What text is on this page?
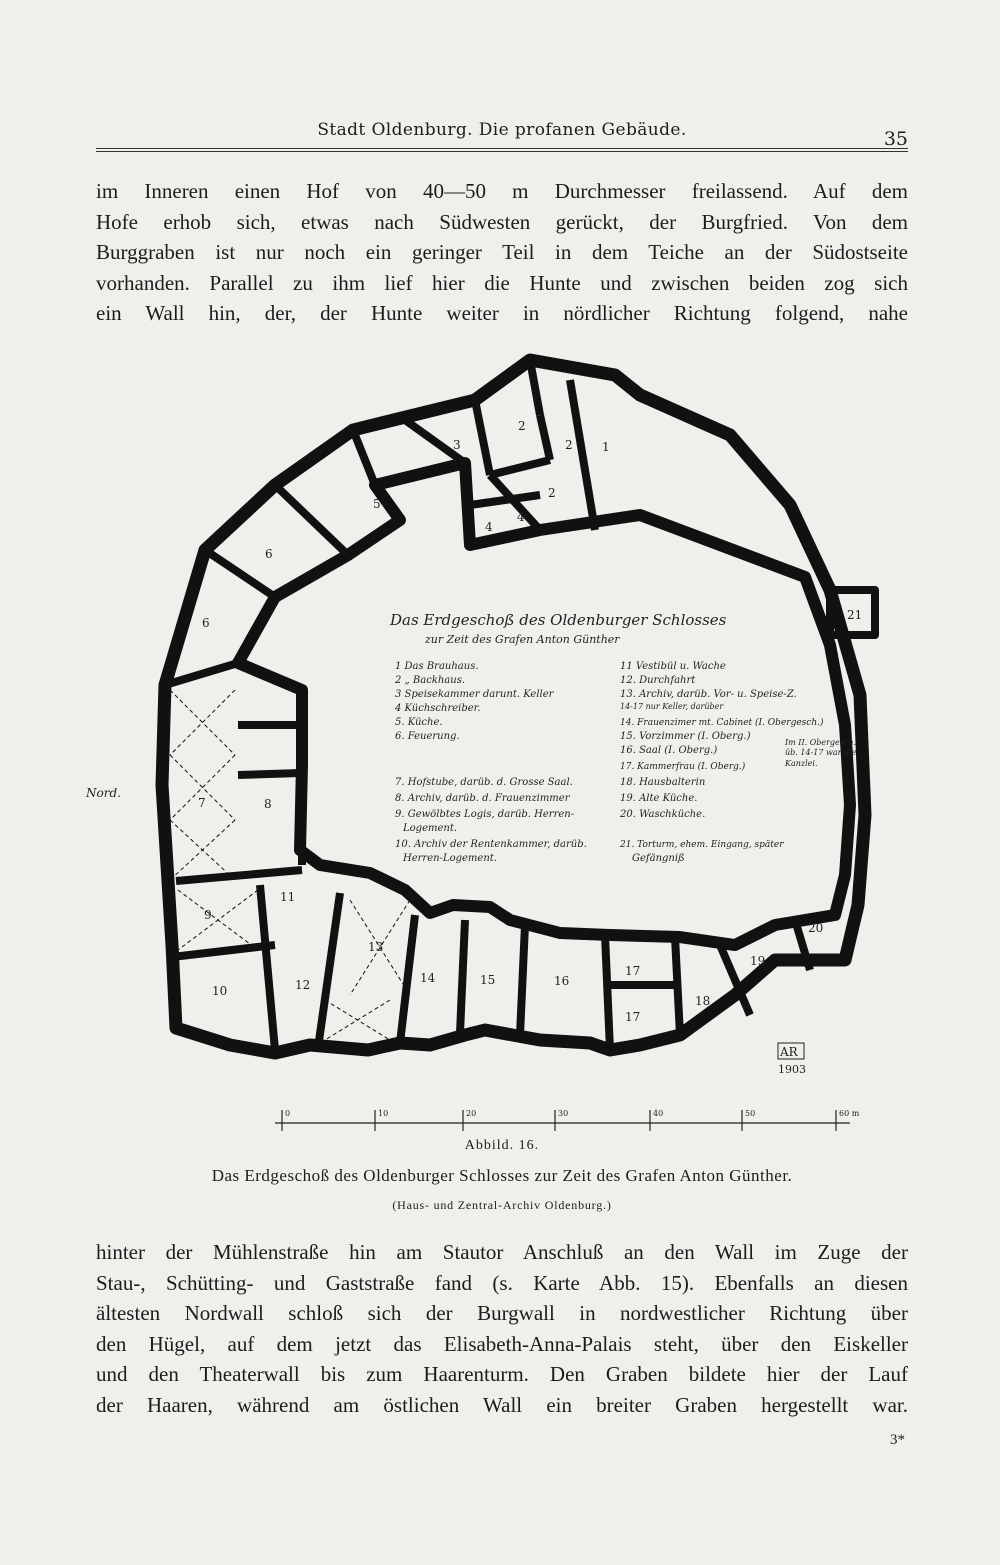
Stadt Oldenburg. Die profanen Gebäude.	35
im Inneren einen Hof von 40—50 m Durchmesser freilassend. Auf dem
Hofe erhob sich, etwas nach Südwesten gerückt, der Burgfried. Von dem
Burggraben ist nur noch ein geringer Teil in dem Teiche an der Südostseite
vorhanden. Parallel zu ihm lief hier die Hunte und zwischen beiden zog sich
ein Wall hin, der, der Hunte weiter in nördlicher Richtung folgend, nahe
1
2
2
2
3
4
4
5
6
6
7	8
9
10
11
12
13
14	15	16
17
17
18
19
20
21
Das Erdgeschoß des Oldenburger Schlosses
zur Zeit des Grafen Anton Günther
1 Das Brauhaus.
2 „ Backhaus.
3 Speisekammer darunt. Keller
4 Küchschreiber.
5. Küche.
6. Feuerung.
7. Hofstube, darüb. d. Grosse Saal.
8. Archiv, darüb. d. Frauenzimmer
9. Gewölbtes Logis, darüb. Herren-
Logement.
10. Archiv der Rentenkammer, darüb.
Herren-Logement.
11 Vestibül u. Wache
12. Durchfahrt
13. Archiv, darüb. Vor- u. Speise-Z.
14-17 nur Keller, darüber
14. Frauenzimer mt. Cabinet (I. Obergesch.)
15. Vorzimmer (I. Oberg.)
16. Saal (I. Oberg.)
17. Kammerfrau (I. Oberg.)
18. Hausbalterin
19. Alte Küche.
20. Waschküche.
21. Torturm, ehem. Eingang, später
Gefängniß
Im II. Obergesch.
üb. 14-17 war die
Kanzlei.
Nord.
AR
1903
0	10	20	30	40	50	60 m
Abbild. 16.
Das Erdgeschoß des Oldenburger Schlosses zur Zeit des Grafen Anton Günther.
(Haus- und Zentral-Archiv Oldenburg.)
hinter der Mühlenstraße hin am Stautor Anschluß an den Wall im Zuge der
Stau-, Schütting- und Gaststraße fand (s. Karte Abb. 15). Ebenfalls an diesen
ältesten Nordwall schloß sich der Burgwall in nordwestlicher Richtung über
den Hügel, auf dem jetzt das Elisabeth-Anna-Palais steht, über den Eiskeller
und den Theaterwall bis zum Haarenturm. Den Graben bildete hier der Lauf
der Haaren, während am östlichen Wall ein breiter Graben hergestellt war.
3*
